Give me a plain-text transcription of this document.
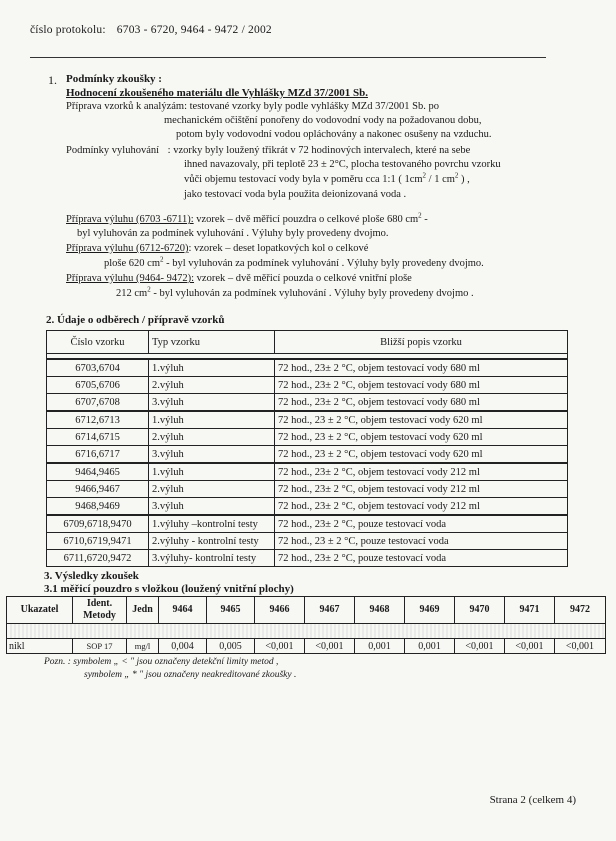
číslo protokolu: 6703 - 6720, 9464 - 9472 / 2002
1. Podmínky zkoušky :
Hodnocení zkoušeného materiálu dle Vyhlášky MZd 37/2001 Sb.
Příprava vzorků k analýzám: testované vzorky byly podle vyhlášky MZd 37/2001 Sb. po
mechanickém očištění ponořeny do vodovodní vody na požadovanou dobu,
potom byly vodovodní vodou opláchovány a nakonec osušeny na vzduchu.
Podmínky vyluhování : vzorky byly loužený třikrát v 72 hodinových intervalech, které na sebe
ihned navazovaly, při teplotě 23 ± 2°C, plocha testovaného povrchu vzorku
vůči objemu testovací vody byla v poměru cca 1:1 ( $1cm^2 / 1$ $cm^2$ ) ,
jako testovací voda byla použita deionizovaná voda .
Příprava výluhu (6703 -6711): vzorek – dvě měřicí pouzdra o celkové ploše 680 $cm^2$ -
byl vyluhován za podmínek vyluhování . Výluhy byly provedeny dvojmo.
Příprava výluhu (6712-6720): vzorek – deset lopatkových kol o celkové
ploše 620 $cm^2$ - byl vyluhován za podmínek vyluhování . Výluhy byly provedeny dvojmo.
Příprava výluhu (9464- 9472): vzorek – dvě měřicí pouzda o celkové vnitřní ploše
212 $cm^2$ - byl vyluhován za podmínek vyluhování . Výluhy byly provedeny dvojmo .
2. Údaje o odběrech / přípravě vzorků
Číslo vzorku	Typ vzorku	Bližší popis vzorku

6703,6704	1.výluh	72 hod., 23± 2 °C, objem testovací vody 680 ml
6705,6706	2.výluh	72 hod., 23± 2 °C, objem testovací vody 680 ml
6707,6708	3.výluh	72 hod., 23± 2 °C, objem testovací vody 680 ml
6712,6713	1.výluh	72 hod., 23 ± 2 °C, objem testovací vody 620 ml
6714,6715	2.výluh	72 hod., 23 ± 2 °C, objem testovací vody 620 ml
6716,6717	3.výluh	72 hod., 23 ± 2 °C, objem testovací vody 620 ml
9464,9465	1.výluh	72 hod., 23± 2 °C, objem testovací vody 212 ml
9466,9467	2.výluh	72 hod., 23± 2 °C, objem testovací vody 212 ml
9468,9469	3.výluh	72 hod., 23± 2 °C, objem testovací vody 212 ml
6709,6718,9470	1.výluhy –kontrolní testy	72 hod., 23± 2 °C, pouze testovací voda
6710,6719,9471	2.výluhy - kontrolní testy	72 hod., 23 ± 2 °C, pouze testovací voda
6711,6720,9472	3.výluhy- kontrolní testy	72 hod., 23± 2 °C, pouze testovací voda
3. Výsledky zkoušek
3.1 měřicí pouzdro s vložkou (loužený vnitřní plochy)
Ukazatel	Ident. Metody	Jedn	9464	9465	9466	9467	9468	9469	9470	9471	9472

nikl	SOP 17	mg/l	0,004	0,005	<0,001	<0,001	0,001	0,001	<0,001	<0,001	<0,001
Pozn. : symbolem „ < " jsou označeny detekční limity metod ,
symbolem „ * " jsou označeny neakreditované zkoušky .
Strana 2 (celkem 4)
